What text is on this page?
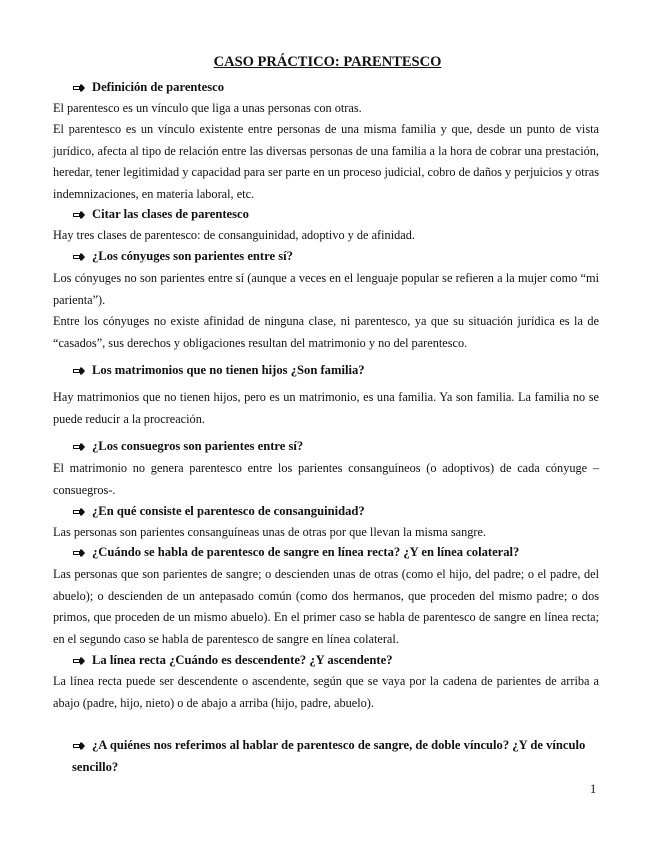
CASO PRÁCTICO: PARENTESCO
Definición de parentesco
El parentesco es un vínculo que liga a unas personas con otras.
El parentesco es un vínculo existente entre personas de una misma familia y que, desde un punto de vista jurídico, afecta al tipo de relación entre las diversas personas de una familia a la hora de cobrar una prestación, heredar, tener legitimidad y capacidad para ser parte en un proceso judicial, cobro de daños y perjuicios y otras indemnizaciones, en materia laboral, etc.
Citar las clases de parentesco
Hay tres clases de parentesco: de consanguinidad, adoptivo y de afinidad.
¿Los cónyuges son parientes entre sí?
Los cónyuges no son parientes entre sí (aunque a veces en el lenguaje popular se refieren a la mujer como “mi parienta”).
Entre los cónyuges no existe afinidad de ninguna clase, ni parentesco, ya que su situación jurídica es la de “casados”, sus derechos y obligaciones resultan del matrimonio y no del parentesco.
Los matrimonios que no tienen hijos ¿Son familia?
Hay matrimonios que no tienen hijos, pero es un matrimonio, es una familia. Ya son familia. La familia no se puede reducir a la procreación.
¿Los consuegros son parientes entre sí?
El matrimonio no genera parentesco entre los parientes consanguíneos (o adoptivos) de cada cónyuge –consuegros-.
¿En qué consiste el parentesco de consanguinidad?
Las personas son parientes consanguíneas unas de otras por que llevan la misma sangre.
¿Cuándo se habla de parentesco de sangre en línea recta? ¿Y en línea colateral?
Las personas que son parientes de sangre; o descienden unas de otras (como el hijo, del padre; o el padre, del abuelo); o descienden de un antepasado común (como dos hermanos, que proceden del mismo padre; o dos primos, que proceden de un mismo abuelo). En el primer caso se habla de parentesco de sangre en línea recta; en el segundo caso se habla de parentesco de sangre en línea colateral.
La línea recta ¿Cuándo es descendente? ¿Y ascendente?
La línea recta puede ser descendente o ascendente, según que se vaya por la cadena de parientes de arriba a abajo (padre, hijo, nieto) o de abajo a arriba (hijo, padre, abuelo).
¿A quiénes nos referimos al hablar de parentesco de sangre, de doble vínculo? ¿Y de vínculo sencillo?
1
